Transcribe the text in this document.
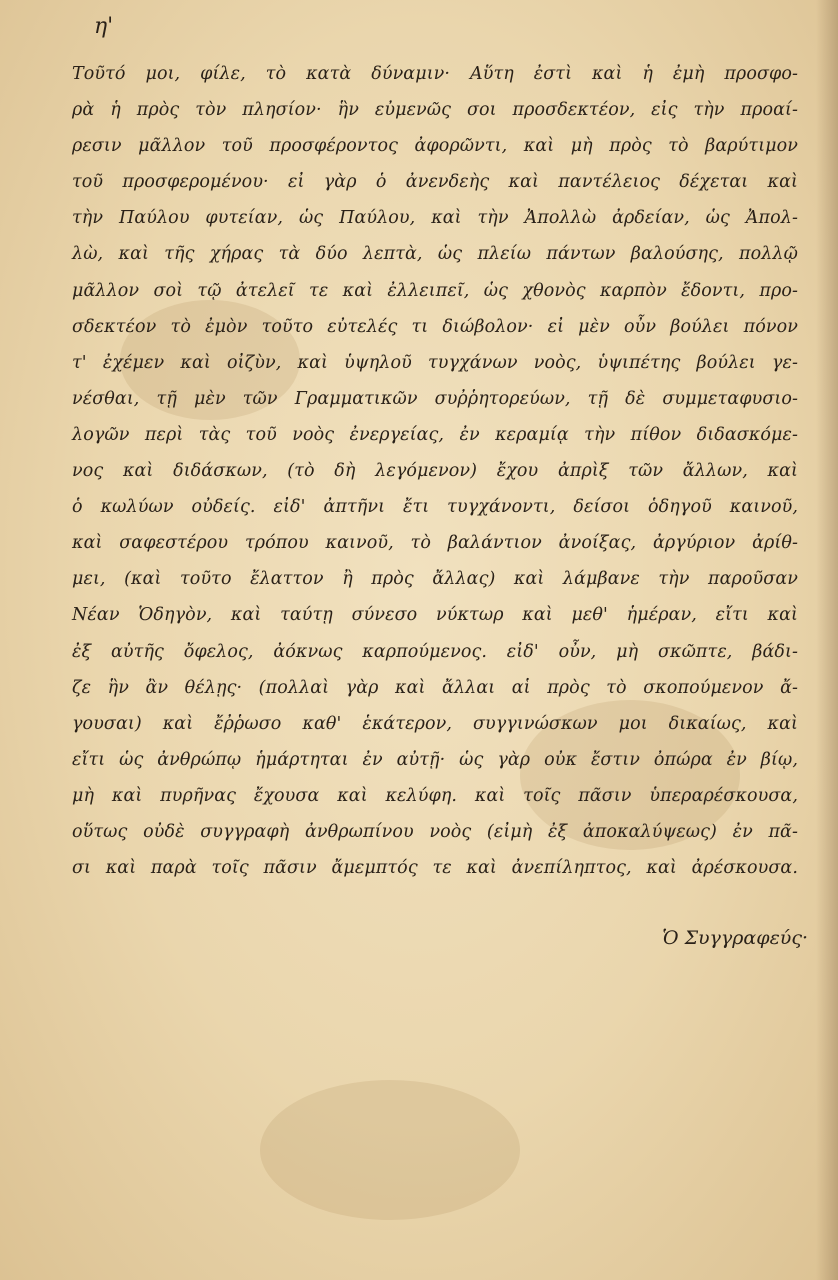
η'

Τοῦτό μοι, φίλε, τὸ κατὰ δύναμιν· Αὕτη ἐστὶ καὶ ἡ ἐμὴ προσφο-
ρὰ ἡ πρὸς τὸν πλησίον· ἣν εὐμενῶς σοι προσδεκτέον, εἰς τὴν προαί-
ρεσιν μᾶλλον τοῦ προσφέροντος ἀφορῶντι, καὶ μὴ πρὸς τὸ βαρύτιμον
τοῦ προσφερομένου· εἰ γὰρ ὁ ἀνενδεὴς καὶ παντέλειος δέχεται καὶ
τὴν Παύλου φυτείαν, ὡς Παύλου, καὶ τὴν Ἀπολλὼ ἀρδείαν, ὡς Ἀπολ-
λὼ, καὶ τῆς χήρας τὰ δύο λεπτὰ, ὡς πλείω πάντων βαλούσης, πολλῷ
μᾶλλον σοὶ τῷ ἀτελεῖ τε καὶ ἐλλειπεῖ, ὡς χθονὸς καρπὸν ἔδοντι, προ-
σδεκτέον τὸ ἐμὸν τοῦτο εὐτελές τι διώβολον· εἰ μὲν οὖν βούλει πόνον
τ' ἐχέμεν καὶ οἰζὺν, καὶ ὑψηλοῦ τυγχάνων νοὸς, ὑψιπέτης βούλει γε-
νέσθαι, τῇ μὲν τῶν Γραμματικῶν συῤῥητορεύων, τῇ δὲ συμμεταφυσιο-
λογῶν περὶ τὰς τοῦ νοὸς ἐνεργείας, ἐν κεραμίᾳ τὴν πίθον διδασκόμε-
νος καὶ διδάσκων, (τὸ δὴ λεγόμενον) ἔχου ἀπρὶξ τῶν ἄλλων, καὶ
ὁ κωλύων οὐδείς. εἰδ' ἀπτῆνι ἔτι τυγχάνοντι, δείσοι ὁδηγοῦ καινοῦ,
καὶ σαφεστέρου τρόπου καινοῦ, τὸ βαλάντιον ἀνοίξας, ἀργύριον ἀρίθ-
μει, (καὶ τοῦτο ἔλαττον ἢ πρὸς ἄλλας) καὶ λάμβανε τὴν παροῦσαν
Νέαν Ὁδηγὸν, καὶ ταύτῃ σύνεσο νύκτωρ καὶ μεθ' ἡμέραν, εἴτι καὶ
ἐξ αὐτῆς ὄφελος, ἀόκνως καρπούμενος. εἰδ' οὖν, μὴ σκῶπτε, βάδι-
ζε ἣν ἂν θέλῃς· (πολλαὶ γὰρ καὶ ἄλλαι αἱ πρὸς τὸ σκοπούμενον ἄ-
γουσαι) καὶ ἔῤῥωσο καθ' ἑκάτερον, συγγινώσκων μοι δικαίως, καὶ
εἴτι ὡς ἀνθρώπῳ ἡμάρτηται ἐν αὐτῇ· ὡς γὰρ οὐκ ἔστιν ὀπώρα ἐν βίῳ,
μὴ καὶ πυρῆνας ἔχουσα καὶ κελύφη. καὶ τοῖς πᾶσιν ὑπεραρέσκουσα,
οὕτως οὐδὲ συγγραφὴ ἀνθρωπίνου νοὸς (εἰμὴ ἐξ ἀποκαλύψεως) ἐν πᾶ-
σι καὶ παρὰ τοῖς πᾶσιν ἄμεμπτός τε καὶ ἀνεπίληπτος, καὶ ἀρέσκουσα.

Ὁ Συγγραφεύς·
